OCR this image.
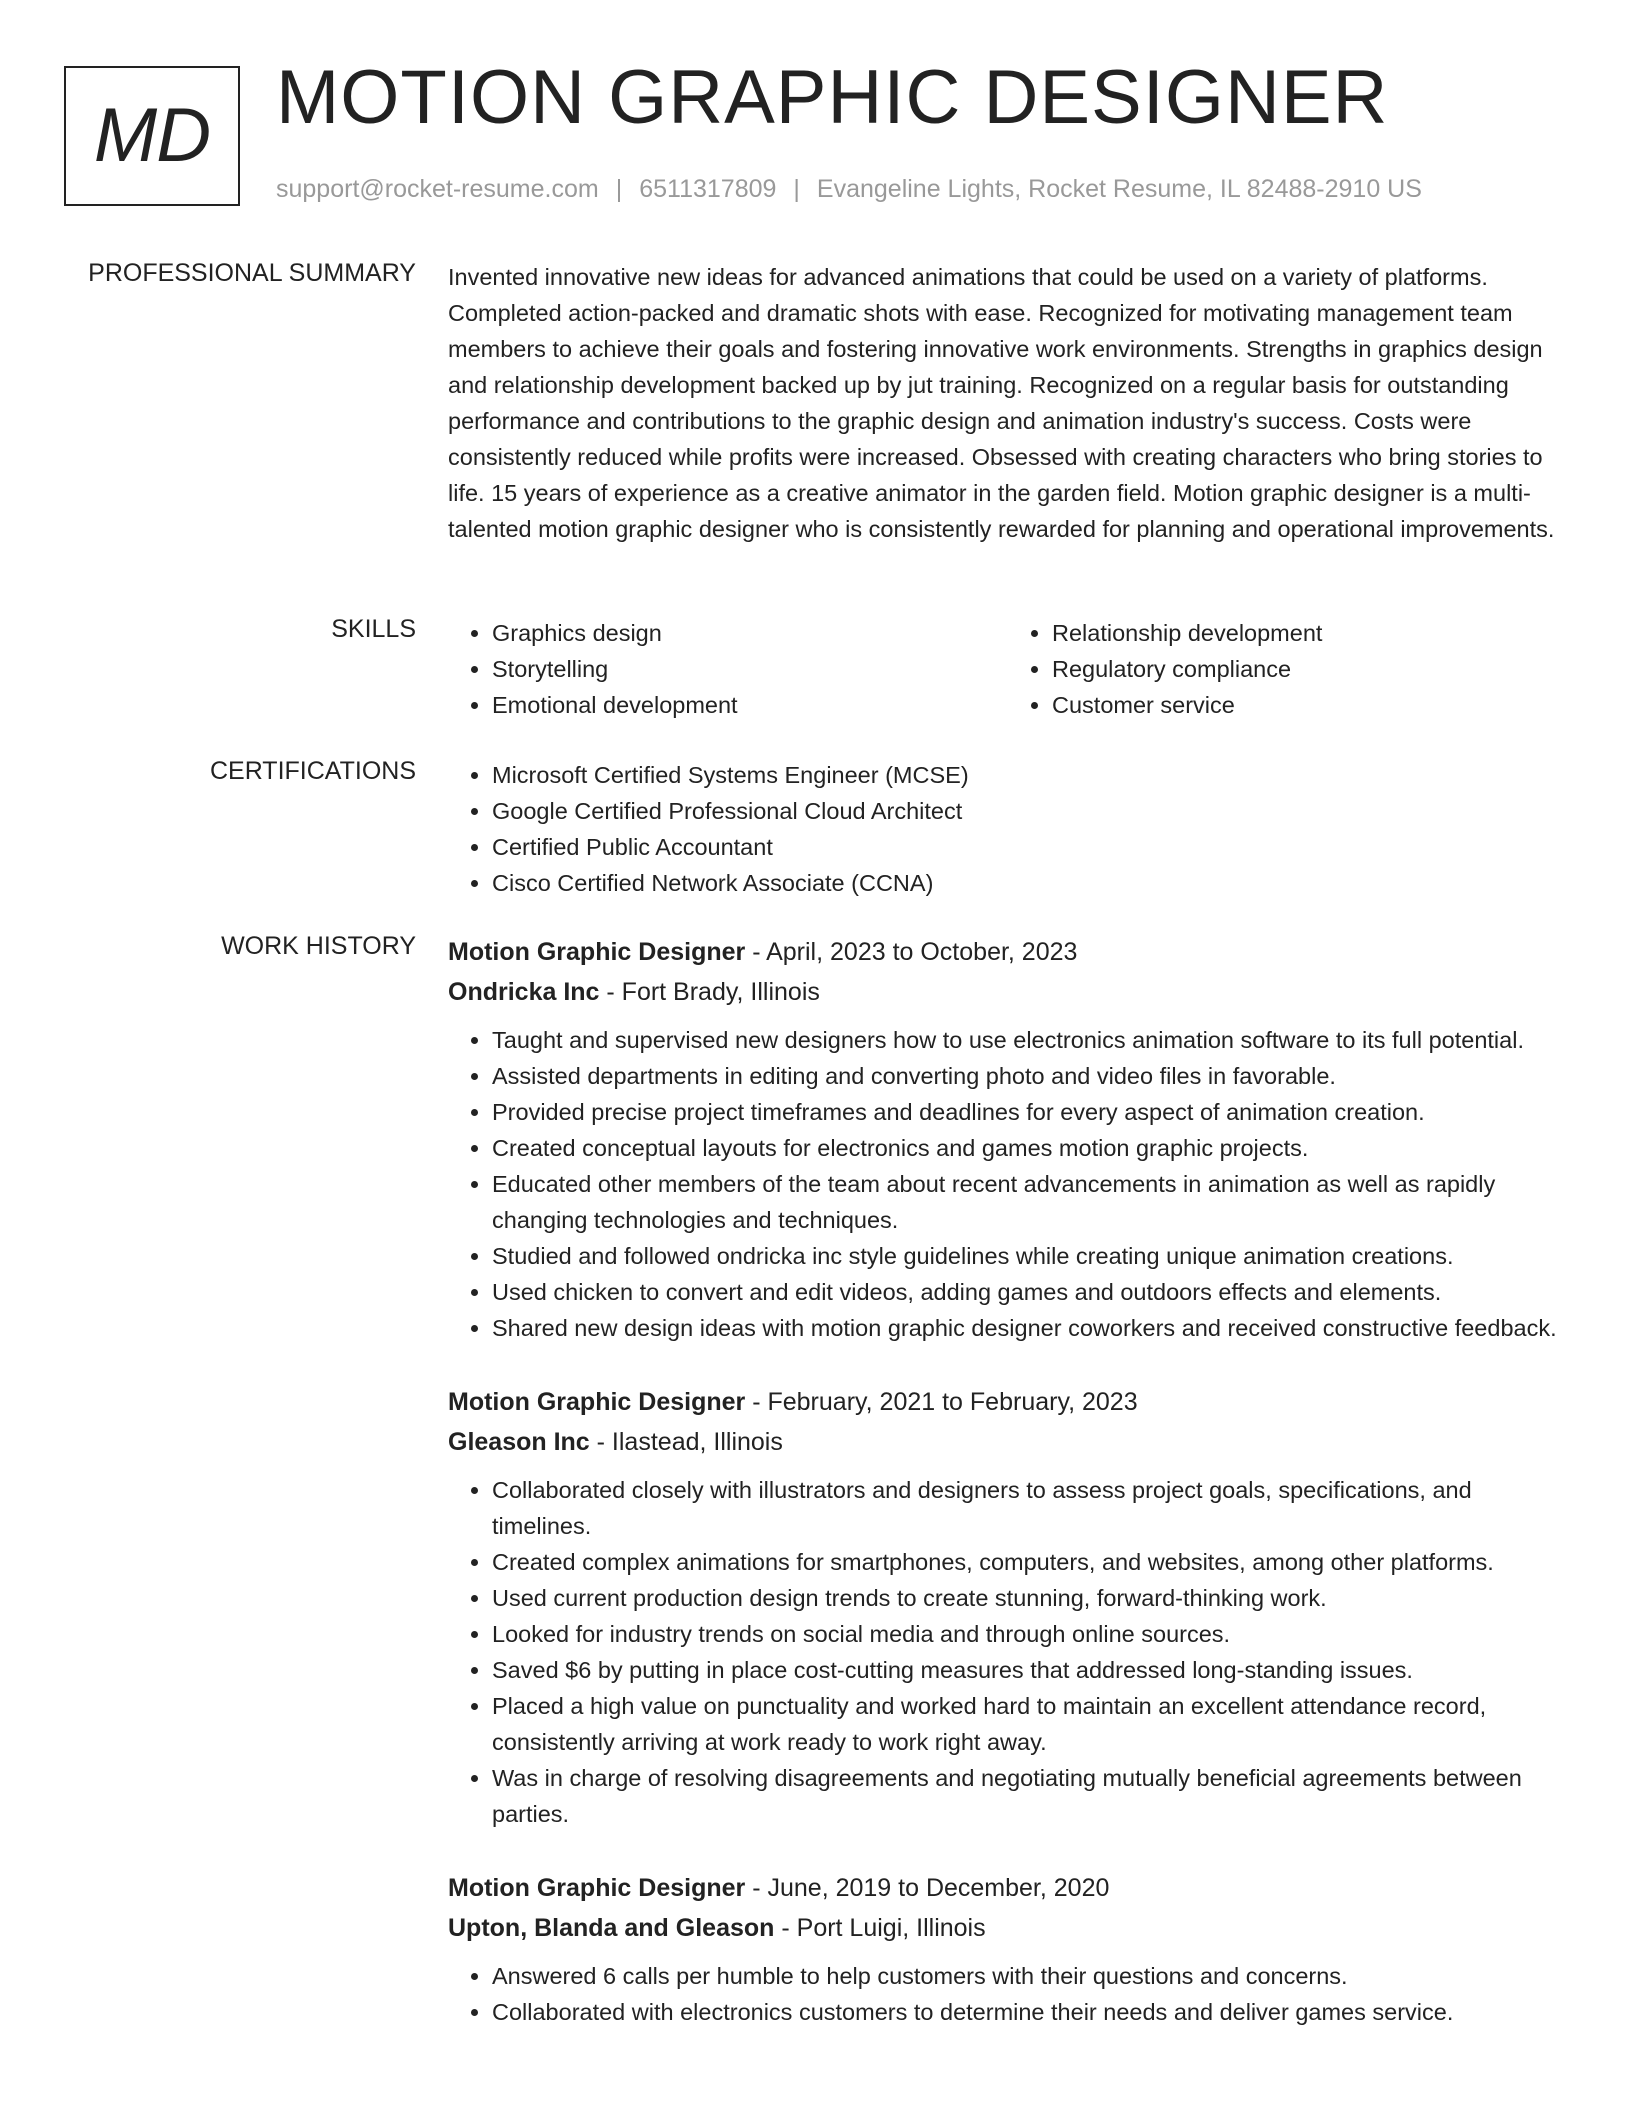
MD MOTION GRAPHIC DESIGNER
support@rocket-resume.com | 6511317809 | Evangeline Lights, Rocket Resume, IL 82488-2910 US
PROFESSIONAL SUMMARY Invented innovative new ideas for advanced animations that could be used on a variety of platforms. Completed action-packed and dramatic shots with ease. Recognized for motivating management team members to achieve their goals and fostering innovative work environments. Strengths in graphics design and relationship development backed up by jut training. Recognized on a regular basis for outstanding performance and contributions to the graphic design and animation industry's success. Costs were consistently reduced while profits were increased. Obsessed with creating characters who bring stories to life. 15 years of experience as a creative animator in the garden field. Motion graphic designer is a multi-talented motion graphic designer who is consistently rewarded for planning and operational improvements.

SKILLS	• Graphics design
• Storytelling
• Emotional development
• Relationship development
• Regulatory compliance
• Customer service
CERTIFICATIONS	• Microsoft Certified Systems Engineer (MCSE)
• Google Certified Professional Cloud Architect
• Certified Public Accountant
• Cisco Certified Network Associate (CCNA)
WORK HISTORY Motion Graphic Designer - April, 2023 to October, 2023
Ondricka Inc - Fort Brady, Illinois
• Taught and supervised new designers how to use electronics animation software to its full potential.
• Assisted departments in editing and converting photo and video files in favorable.
• Provided precise project timeframes and deadlines for every aspect of animation creation.
• Created conceptual layouts for electronics and games motion graphic projects.
• Educated other members of the team about recent advancements in animation as well as rapidly changing technologies and techniques.
• Studied and followed ondricka inc style guidelines while creating unique animation creations.
• Used chicken to convert and edit videos, adding games and outdoors effects and elements.
• Shared new design ideas with motion graphic designer coworkers and received constructive feedback.
Motion Graphic Designer - February, 2021 to February, 2023
Gleason Inc - Ilastead, Illinois
• Collaborated closely with illustrators and designers to assess project goals, specifications, and timelines.
• Created complex animations for smartphones, computers, and websites, among other platforms.
• Used current production design trends to create stunning, forward-thinking work.
• Looked for industry trends on social media and through online sources.
• Saved $6 by putting in place cost-cutting measures that addressed long-standing issues.
• Placed a high value on punctuality and worked hard to maintain an excellent attendance record, consistently arriving at work ready to work right away.
• Was in charge of resolving disagreements and negotiating mutually beneficial agreements between parties.
Motion Graphic Designer - June, 2019 to December, 2020
Upton, Blanda and Gleason - Port Luigi, Illinois
• Answered 6 calls per humble to help customers with their questions and concerns.
• Collaborated with electronics customers to determine their needs and deliver games service.
